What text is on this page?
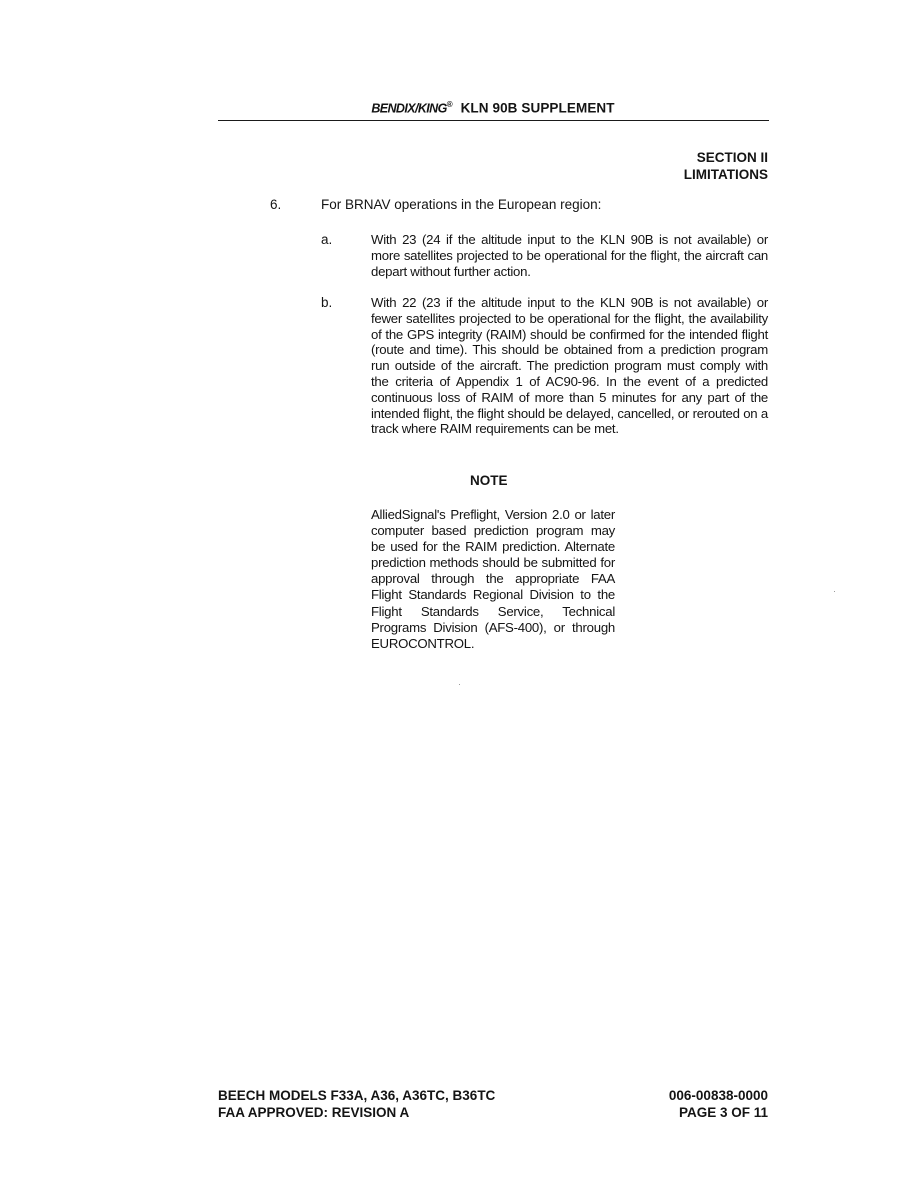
BENDIX/KING® KLN 90B SUPPLEMENT
SECTION II
LIMITATIONS
6.	For BRNAV operations in the European region:
a.	With 23 (24 if the altitude input to the KLN 90B is not available) or more satellites projected to be operational for the flight, the aircraft can depart without further action.
b.	With 22 (23 if the altitude input to the KLN 90B is not available) or fewer satellites projected to be operational for the flight, the availability of the GPS integrity (RAIM) should be confirmed for the intended flight (route and time). This should be obtained from a prediction program run outside of the aircraft. The prediction program must comply with the criteria of Appendix 1 of AC90-96. In the event of a predicted continuous loss of RAIM of more than 5 minutes for any part of the intended flight, the flight should be delayed, cancelled, or rerouted on a track where RAIM requirements can be met.
NOTE
AlliedSignal's Preflight, Version 2.0 or later computer based prediction program may be used for the RAIM prediction. Alternate prediction methods should be submitted for approval through the appropriate FAA Flight Standards Regional Division to the Flight Standards Service, Technical Programs Division (AFS-400), or through EUROCONTROL.
BEECH MODELS F33A, A36, A36TC, B36TC
FAA APPROVED: REVISION A
006-00838-0000
PAGE 3 OF 11
